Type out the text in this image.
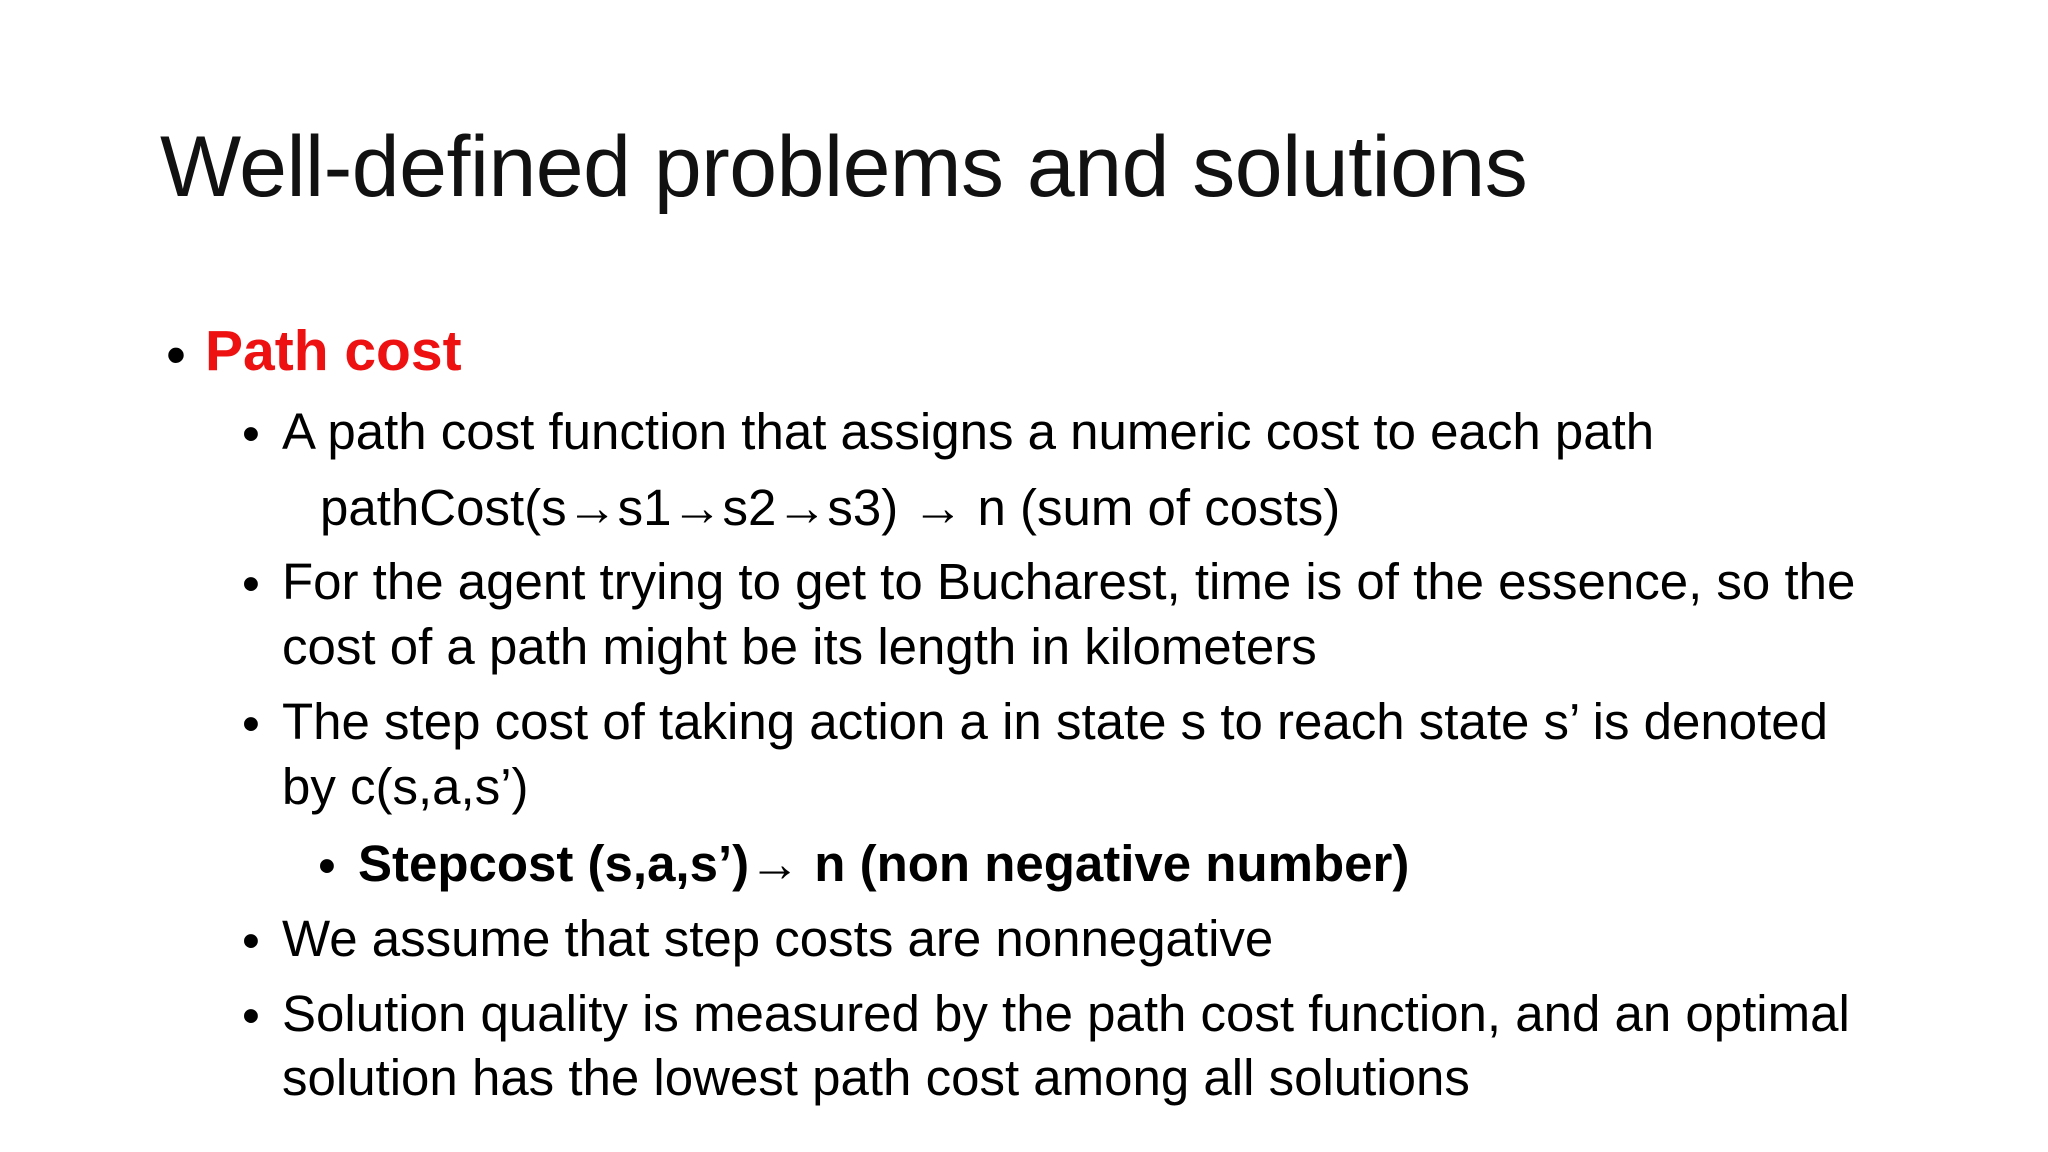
Well-defined problems and solutions
• Path cost
• A path cost function that assigns a numeric cost to each path
pathCost(s→s1→s2→s3) → n (sum of costs)
• For the agent trying to get to Bucharest, time is of the essence, so the
cost of a path might be its length in kilometers
• The step cost of taking action a in state s to reach state s’ is denoted
by c(s,a,s’)
• Stepcost (s,a,s’)→ n (non negative number)
• We assume that step costs are nonnegative
• Solution quality is measured by the path cost function, and an optimal
solution has the lowest path cost among all solutions
